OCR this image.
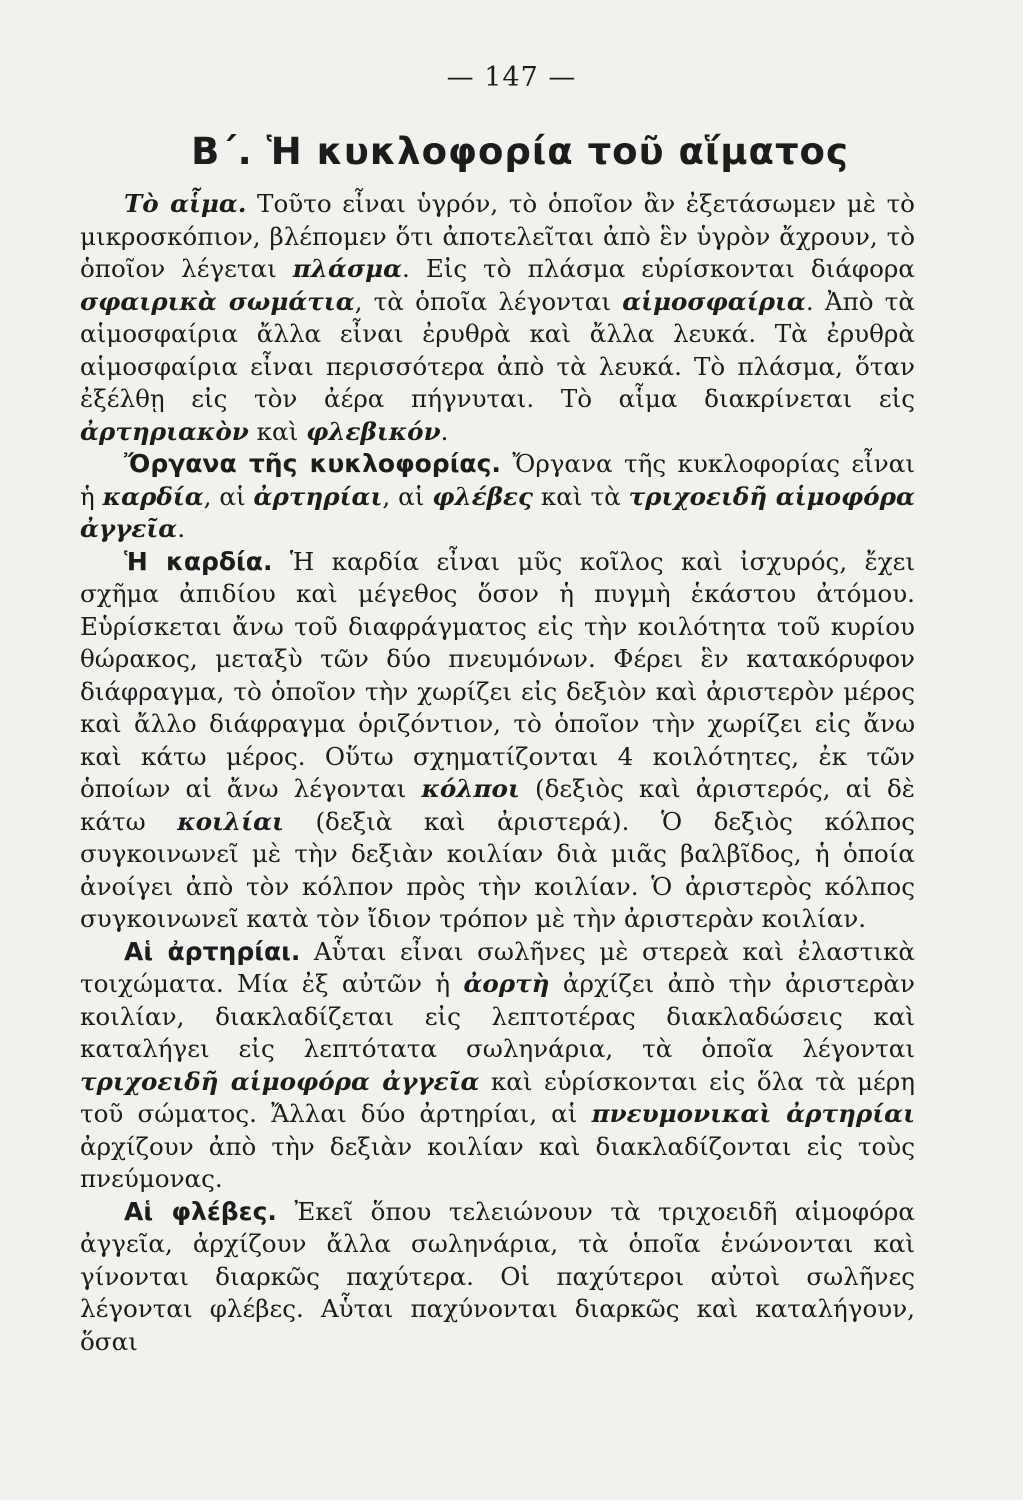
— 147 —
Β΄. Ἡ κυκλοφορία τοῦ αἵματος

Τὸ αἷμα. Τοῦτο εἶναι ὑγρόν, τὸ ὁποῖον ἂν ἐξετάσωμεν μὲ τὸ μικροσκόπιον, βλέπομεν ὅτι ἀποτελεῖται ἀπὸ ἓν ὑγρὸν ἄχρουν, τὸ ὁποῖον λέγεται πλάσμα. Εἰς τὸ πλάσμα εὑρίσκονται διάφορα σφαιρικὰ σωμάτια, τὰ ὁποῖα λέγονται αἱμοσφαίρια. Ἀπὸ τὰ αἱμοσφαίρια ἄλλα εἶναι ἐρυθρὰ καὶ ἄλλα λευκά. Τὰ ἐρυθρὰ αἱμοσφαίρια εἶναι περισσότερα ἀπὸ τὰ λευκά. Τὸ πλάσμα, ὅταν ἐξέλθῃ εἰς τὸν ἀέρα πήγνυται. Τὸ αἷμα διακρίνεται εἰς ἀρτηριακὸν καὶ φλεβικόν.

Ὄργανα τῆς κυκλοφορίας. Ὄργανα τῆς κυκλοφορίας εἶναι ἡ καρδία, αἱ ἀρτηρίαι, αἱ φλέβες καὶ τὰ τριχοειδῆ αἱμοφόρα ἀγγεῖα.

Ἡ καρδία. Ἡ καρδία εἶναι μῦς κοῖλος καὶ ἰσχυρός, ἔχει σχῆμα ἀπιδίου καὶ μέγεθος ὅσον ἡ πυγμὴ ἑκάστου ἀτόμου. Εὑρίσκεται ἄνω τοῦ διαφράγματος εἰς τὴν κοιλότητα τοῦ κυρίου θώρακος, μεταξὺ τῶν δύο πνευμόνων. Φέρει ἓν κατακόρυφον διάφραγμα, τὸ ὁποῖον τὴν χωρίζει εἰς δεξιὸν καὶ ἀριστερὸν μέρος καὶ ἄλλο διάφραγμα ὁριζόντιον, τὸ ὁποῖον τὴν χωρίζει εἰς ἄνω καὶ κάτω μέρος. Οὕτω σχηματίζονται 4 κοιλότητες, ἐκ τῶν ὁποίων αἱ ἄνω λέγονται κόλποι (δεξιὸς καὶ ἀριστερός, αἱ δὲ κάτω κοιλίαι (δεξιὰ καὶ ἀριστερά). Ὁ δεξιὸς κόλπος συγκοινωνεῖ μὲ τὴν δεξιὰν κοιλίαν διὰ μιᾶς βαλβῖδος, ἡ ὁποία ἀνοίγει ἀπὸ τὸν κόλπον πρὸς τὴν κοιλίαν. Ὁ ἀριστερὸς κόλπος συγκοινωνεῖ κατὰ τὸν ἴδιον τρόπον μὲ τὴν ἀριστερὰν κοιλίαν.

Αἱ ἀρτηρίαι. Αὗται εἶναι σωλῆνες μὲ στερεὰ καὶ ἐλαστικὰ τοιχώματα. Μία ἐξ αὐτῶν ἡ ἀορτὴ ἀρχίζει ἀπὸ τὴν ἀριστερὰν κοιλίαν, διακλαδίζεται εἰς λεπτοτέρας διακλαδώσεις καὶ καταλήγει εἰς λεπτότατα σωληνάρια, τὰ ὁποῖα λέγονται τριχοειδῆ αἱμοφόρα ἀγγεῖα καὶ εὑρίσκονται εἰς ὅλα τὰ μέρη τοῦ σώματος. Ἄλλαι δύο ἀρτηρίαι, αἱ πνευμονικαὶ ἀρτηρίαι ἀρχίζουν ἀπὸ τὴν δεξιὰν κοιλίαν καὶ διακλαδίζονται εἰς τοὺς πνεύμονας.

Αἱ φλέβες. Ἐκεῖ ὅπου τελειώνουν τὰ τριχοειδῆ αἱμοφόρα ἀγγεῖα, ἀρχίζουν ἄλλα σωληνάρια, τὰ ὁποῖα ἑνώνονται καὶ γίνονται διαρκῶς παχύτερα. Οἱ παχύτεροι αὐτοὶ σωλῆνες λέγονται φλέβες. Αὗται παχύνονται διαρκῶς καὶ καταλήγουν, ὅσαι
